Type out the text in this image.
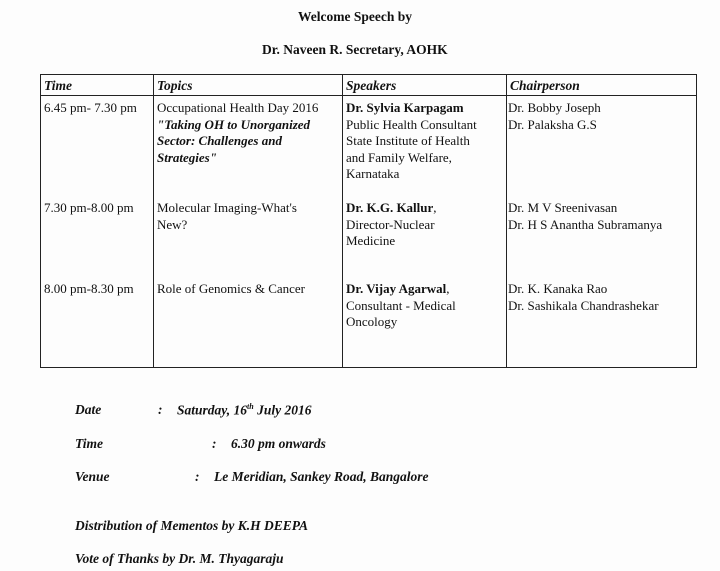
Welcome Speech by
Dr. Naveen R. Secretary, AOHK
Time	Topics	Speakers	Chairperson
6.45 pm- 7.30 pm Occupational Health Day 2016
"Taking OH to Unorganized
Sector: Challenges and
Strategies"
Dr. Sylvia Karpagam
Public Health Consultant
State Institute of Health
and Family Welfare,
Karnataka
Dr. Bobby Joseph
Dr. Palaksha G.S
7.30 pm-8.00 pm Molecular Imaging-What's
New?
Dr. K.G. Kallur,
Director-Nuclear
Medicine
Dr. M V Sreenivasan
Dr. H S Anantha Subramanya
8.00 pm-8.30 pm Role of Genomics & Cancer	Dr. Vijay Agarwal,
Consultant - Medical
Oncology
Dr. K. Kanaka Rao
Dr. Sashikala Chandrashekar
Date	: Saturday, 16th July 2016
Time	: 6.30 pm onwards
Venue	: Le Meridian, Sankey Road, Bangalore
Distribution of Mementos by K.H DEEPA
Vote of Thanks by Dr. M. Thyagaraju
